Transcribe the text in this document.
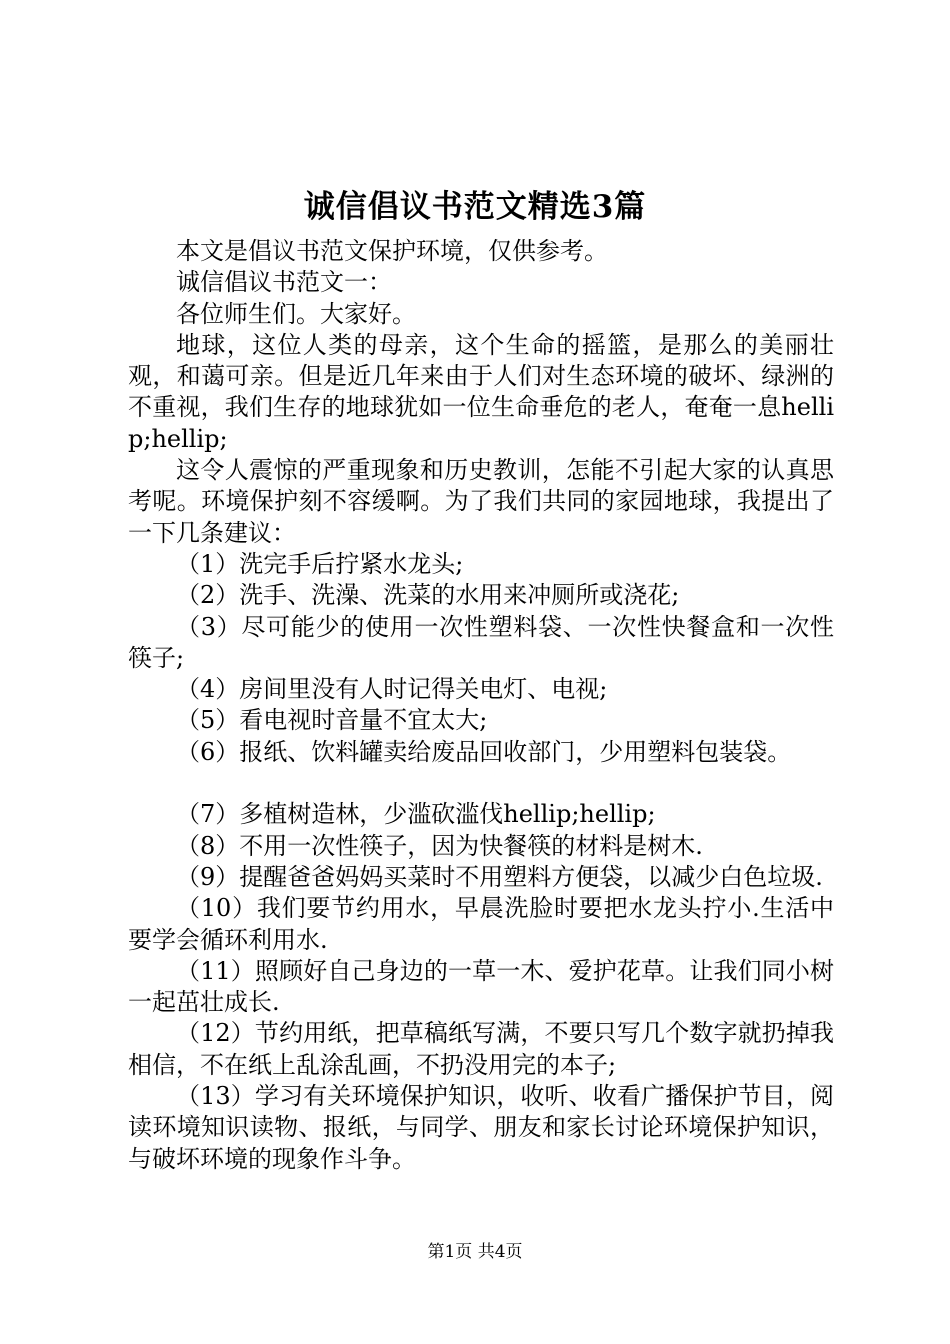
诚信倡议书范文精选3篇

本文是倡议书范文保护环境，仅供参考。

诚信倡议书范文一：

各位师生们。大家好。

地球，这位人类的母亲，这个生命的摇篮，是那么的美丽壮观，和蔼可亲。但是近几年来由于人们对生态环境的破坏、绿洲的不重视，我们生存的地球犹如一位生命垂危的老人，奄奄一息hellip;hellip;

这令人震惊的严重现象和历史教训，怎能不引起大家的认真思考呢。环境保护刻不容缓啊。为了我们共同的家园地球，我提出了一下几条建议：

（1）洗完手后拧紧水龙头;

（2）洗手、洗澡、洗菜的水用来冲厕所或浇花;

（3）尽可能少的使用一次性塑料袋、一次性快餐盒和一次性筷子;

（4）房间里没有人时记得关电灯、电视;

（5）看电视时音量不宜太大;

（6）报纸、饮料罐卖给废品回收部门，少用塑料包装袋。

（7）多植树造林，少滥砍滥伐hellip;hellip;

（8）不用一次性筷子，因为快餐筷的材料是树木.

（9）提醒爸爸妈妈买菜时不用塑料方便袋，以减少白色垃圾.

（10）我们要节约用水，早晨洗脸时要把水龙头拧小.生活中要学会循环利用水.

（11）照顾好自己身边的一草一木、爱护花草。让我们同小树一起茁壮成长.

（12）节约用纸，把草稿纸写满，不要只写几个数字就扔掉我相信，不在纸上乱涂乱画，不扔没用完的本子;

（13）学习有关环境保护知识，收听、收看广播保护节目，阅读环境知识读物、报纸，与同学、朋友和家长讨论环境保护知识，与破坏环境的现象作斗争。

第1页 共4页
